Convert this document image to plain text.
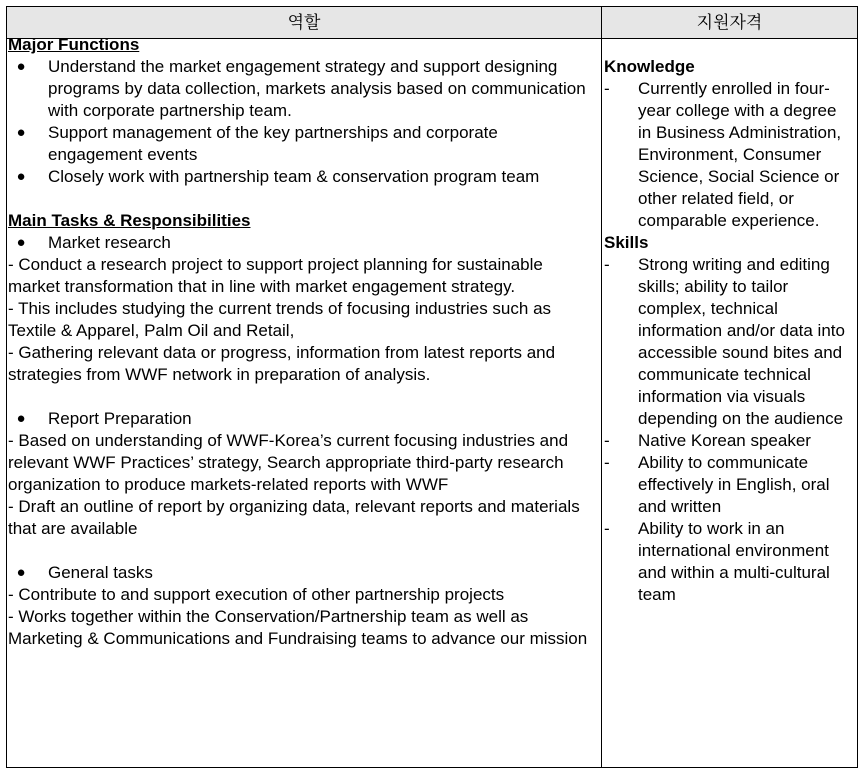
역할	지원자격
Major Functions
● Understand the market engagement strategy and support designing programs by data collection, markets analysis based on communication with corporate partnership team.
● Support management of the key partnerships and corporate engagement events
● Closely work with partnership team & conservation program team
Main Tasks & Responsibilities
● Market research
- Conduct a research project to support project planning for sustainable market transformation that in line with market engagement strategy.
- This includes studying the current trends of focusing industries such as Textile & Apparel, Palm Oil and Retail,
- Gathering relevant data or progress, information from latest reports and strategies from WWF network in preparation of analysis.
● Report Preparation
- Based on understanding of WWF-Korea’s current focusing industries and relevant WWF Practices’ strategy, Search appropriate third-party research organization to produce markets-related reports with WWF
- Draft an outline of report by organizing data, relevant reports and materials that are available
● General tasks
- Contribute to and support execution of other partnership projects
- Works together within the Conservation/Partnership team as well as Marketing & Communications and Fundraising teams to advance our mission
Knowledge
- Currently enrolled in four-year college with a degree in Business Administration, Environment, Consumer Science, Social Science or other related field, or comparable experience.
Skills
- Strong writing and editing skills; ability to tailor complex, technical information and/or data into accessible sound bites and communicate technical information via visuals depending on the audience
- Native Korean speaker
- Ability to communicate effectively in English, oral and written
- Ability to work in an international environment and within a multi-cultural team
